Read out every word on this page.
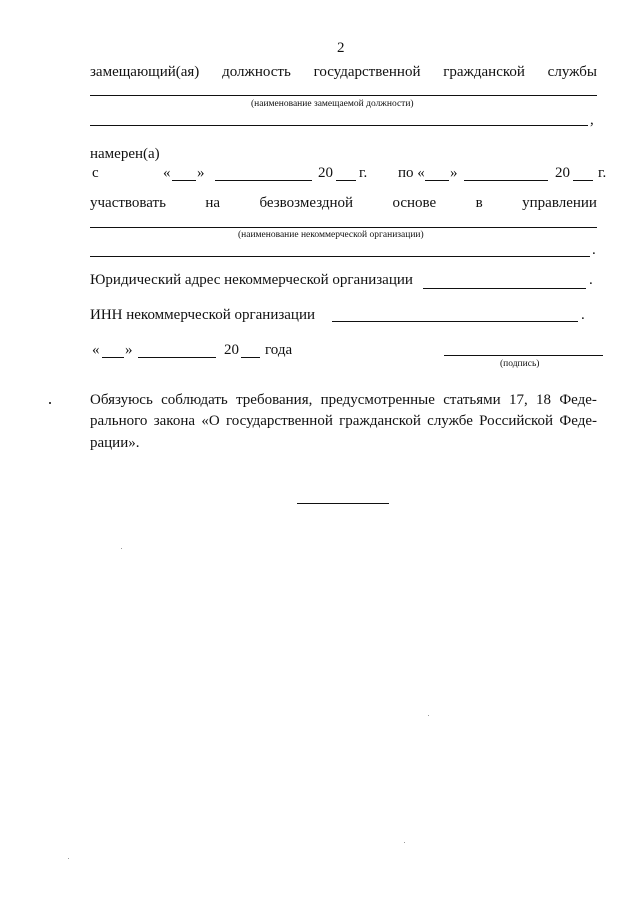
2
замещающий(ая) должность государственной гражданской службы
(наименование замещаемой должности)
,
намерен(а)
с	« »	20 г. по « »	20 г.
участвовать	на	безвозмездной	основе	в	управлении
(наименование некоммерческой организации)
.
Юридический адрес некоммерческой организации	.
ИНН некоммерческой организации	.
« »	20 года
(подпись)
Обязуюсь соблюдать требования, предусмотренные статьями 17, 18 Феде-
рального закона «О государственной гражданской службе Российской Феде-
рации».
